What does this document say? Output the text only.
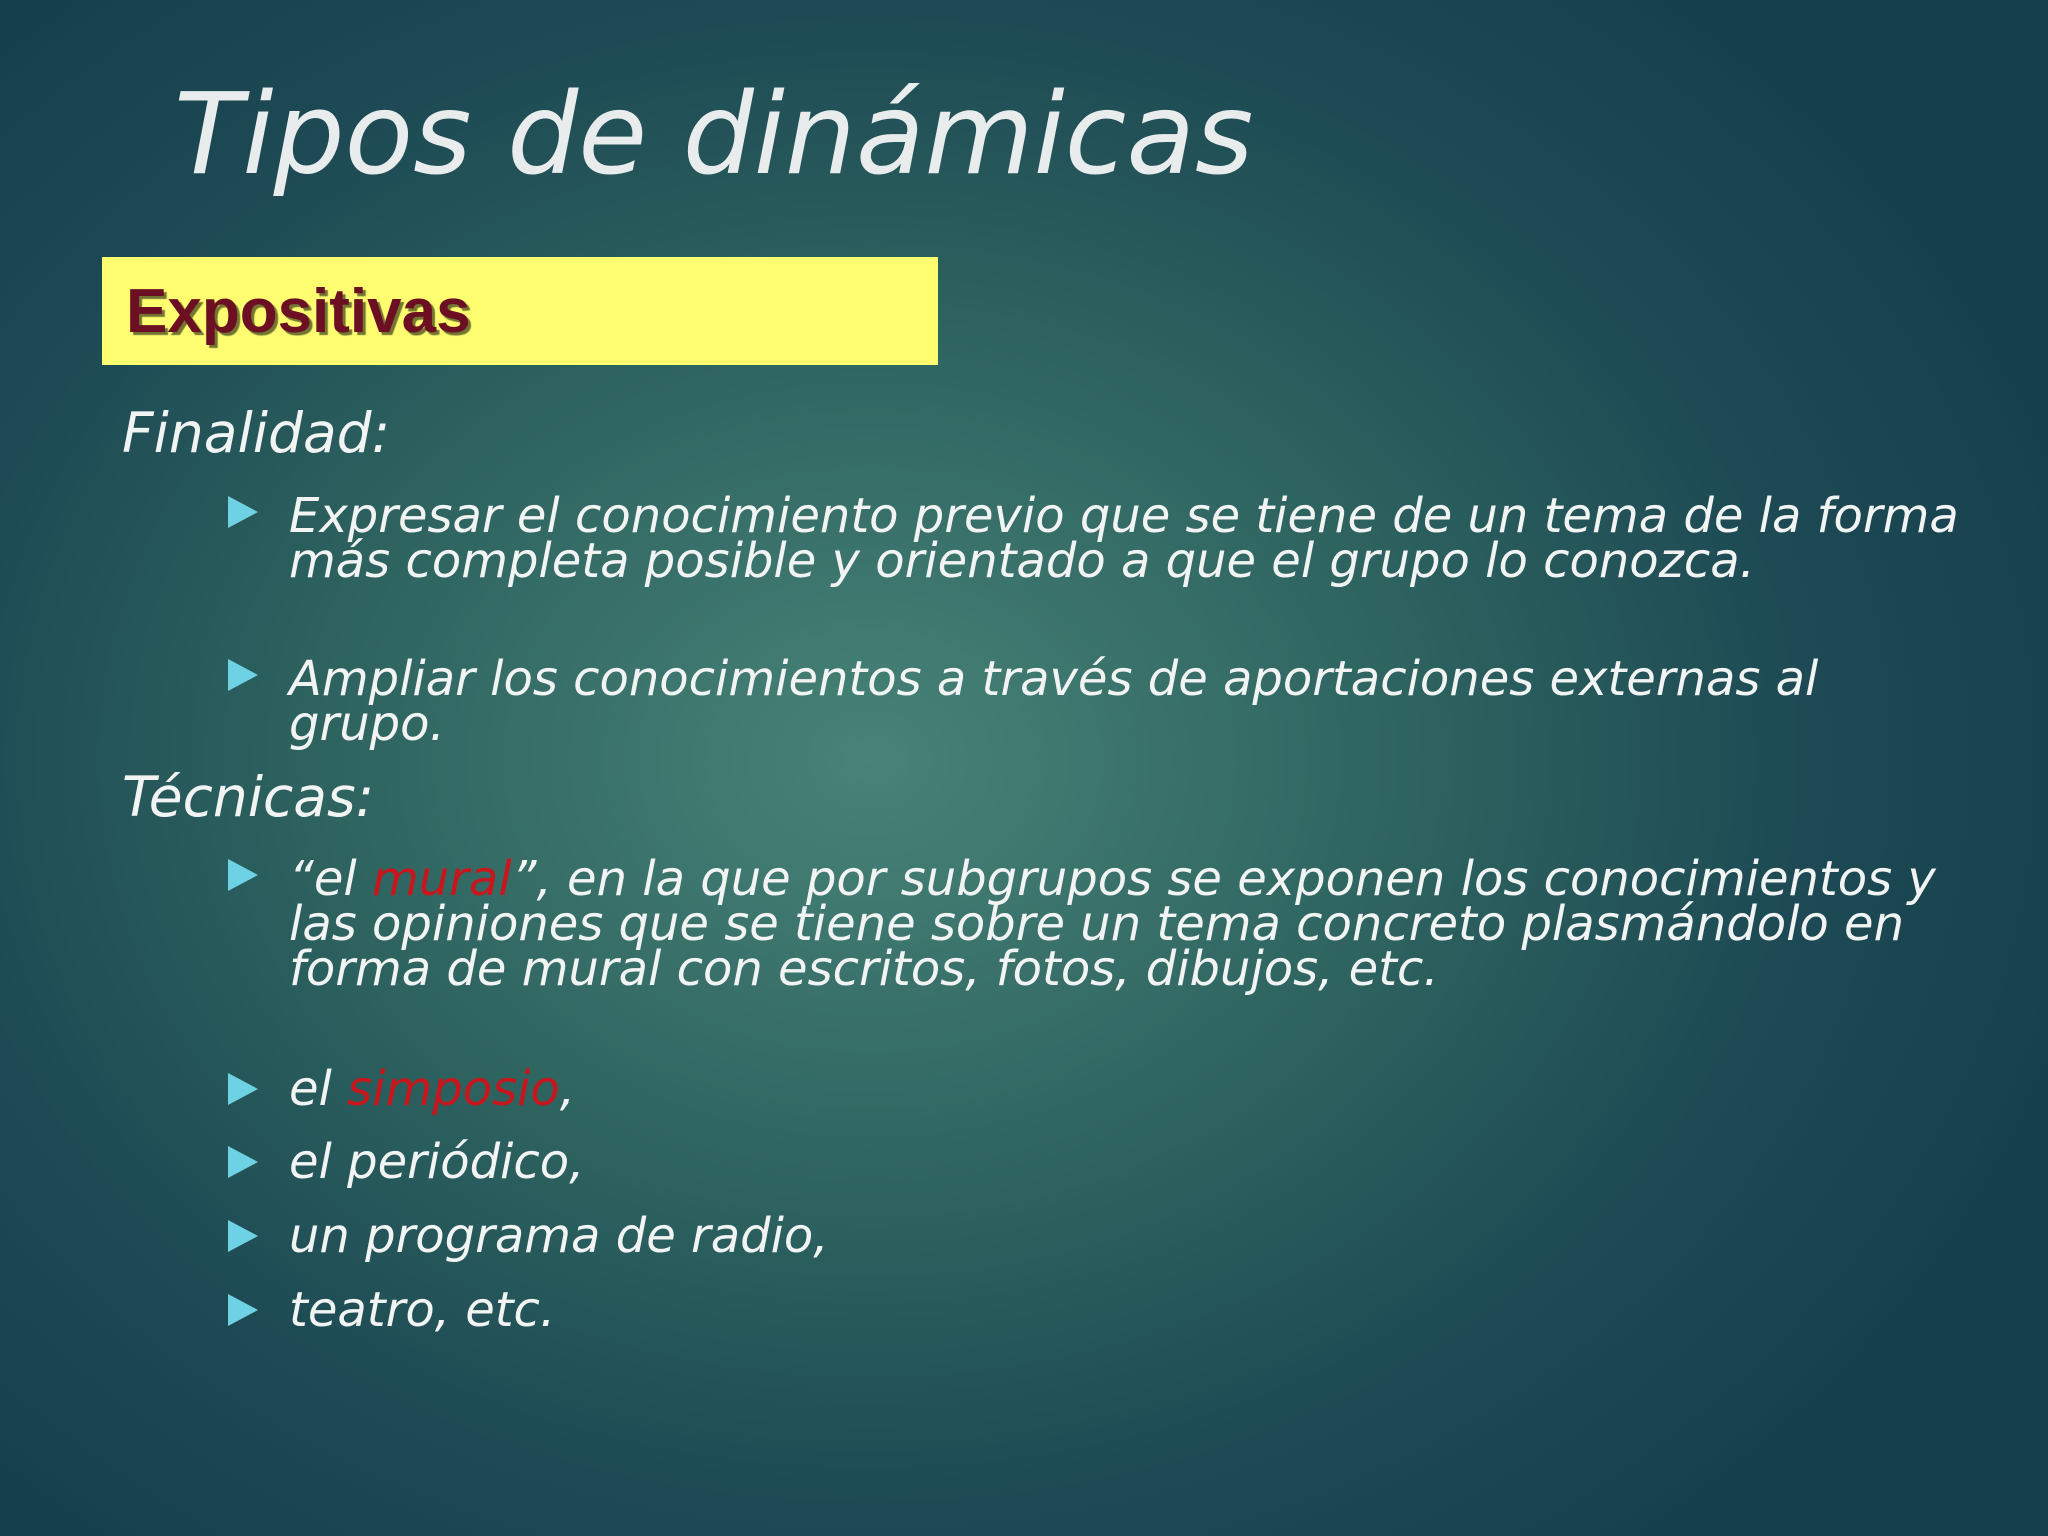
Tipos de dinámicas
Expositivas
Finalidad:
Expresar el conocimiento previo que se tiene de un tema de la forma más completa posible y orientado a que el grupo lo conozca.
Ampliar los conocimientos a través de aportaciones externas al grupo.
Técnicas:
“el mural”, en la que por subgrupos se exponen los conocimientos y las opiniones que se tiene sobre un tema concreto plasmándolo en forma de mural con escritos, fotos, dibujos, etc.
el simposio,
el periódico,
un programa de radio,
teatro, etc.
